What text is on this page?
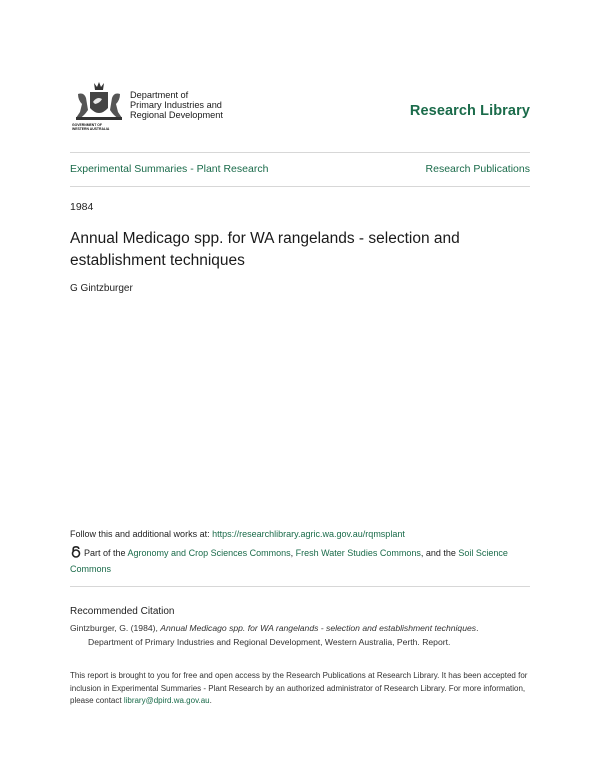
GOVERNMENT OF
WESTERN AUSTRALIA
Department of
Primary Industries and
Regional Development	Research Library
Experimental Summaries - Plant Research	Research Publications
1984
Annual Medicago spp. for WA rangelands - selection and establishment techniques
G Gintzburger
Follow this and additional works at: https://researchlibrary.agric.wa.gov.au/rqmsplant
Part of the Agronomy and Crop Sciences Commons, Fresh Water Studies Commons, and the Soil Science Commons
Recommended Citation
Gintzburger, G. (1984), Annual Medicago spp. for WA rangelands - selection and establishment techniques.
Department of Primary Industries and Regional Development, Western Australia, Perth. Report.
This report is brought to you for free and open access by the Research Publications at Research Library. It has been accepted for inclusion in Experimental Summaries - Plant Research by an authorized administrator of Research Library. For more information, please contact library@dpird.wa.gov.au.
